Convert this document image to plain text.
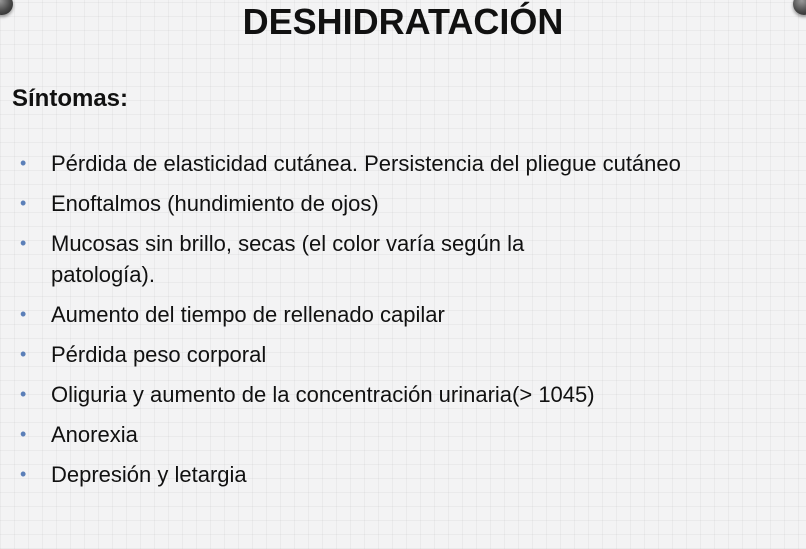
DESHIDRATACIÓN
Síntomas:
•	Pérdida de elasticidad cutánea. Persistencia del pliegue cutáneo
•	Enoftalmos (hundimiento de ojos)
•	Mucosas sin brillo, secas (el color varía según la
patología).
•	Aumento del tiempo de rellenado capilar
•	Pérdida peso corporal
•	Oliguria y aumento de la concentración urinaria(> 1045)
•	Anorexia
•	Depresión y letargia
